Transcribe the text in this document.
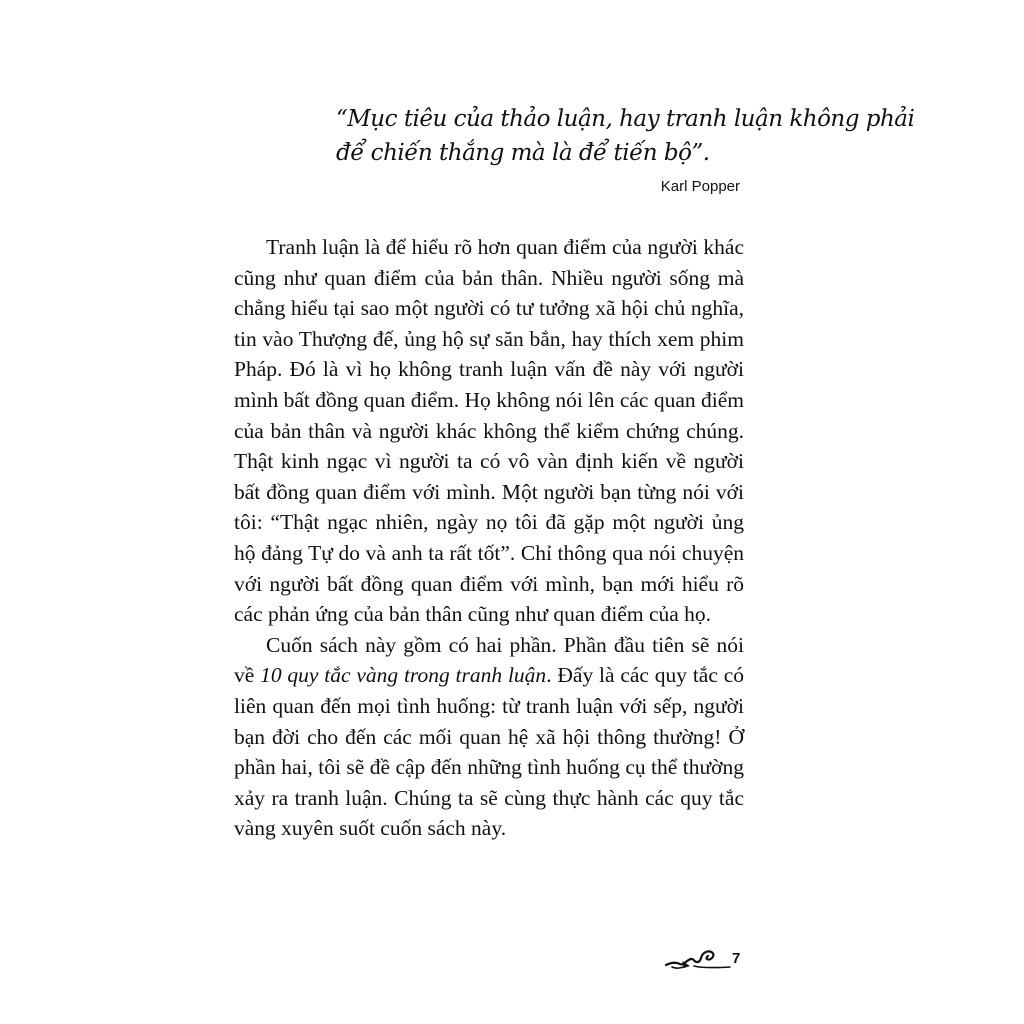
“Mục tiêu của thảo luận, hay tranh luận không phải
để chiến thắng mà là để tiến bộ”.
Karl Popper

Tranh luận là để hiểu rõ hơn quan điểm của người khác cũng như quan điểm của bản thân. Nhiều người sống mà chẳng hiểu tại sao một người có tư tưởng xã hội chủ nghĩa, tin vào Thượng đế, ủng hộ sự săn bắn, hay thích xem phim Pháp. Đó là vì họ không tranh luận vấn đề này với người mình bất đồng quan điểm. Họ không nói lên các quan điểm của bản thân và người khác không thể kiểm chứng chúng. Thật kinh ngạc vì người ta có vô vàn định kiến về người bất đồng quan điểm với mình. Một người bạn từng nói với tôi: “Thật ngạc nhiên, ngày nọ tôi đã gặp một người ủng hộ đảng Tự do và anh ta rất tốt”. Chỉ thông qua nói chuyện với người bất đồng quan điểm với mình, bạn mới hiểu rõ các phản ứng của bản thân cũng như quan điểm của họ.

Cuốn sách này gồm có hai phần. Phần đầu tiên sẽ nói về 10 quy tắc vàng trong tranh luận. Đấy là các quy tắc có liên quan đến mọi tình huống: từ tranh luận với sếp, người bạn đời cho đến các mối quan hệ xã hội thông thường! Ở phần hai, tôi sẽ đề cập đến những tình huống cụ thể thường xảy ra tranh luận. Chúng ta sẽ cùng thực hành các quy tắc vàng xuyên suốt cuốn sách này.

7
